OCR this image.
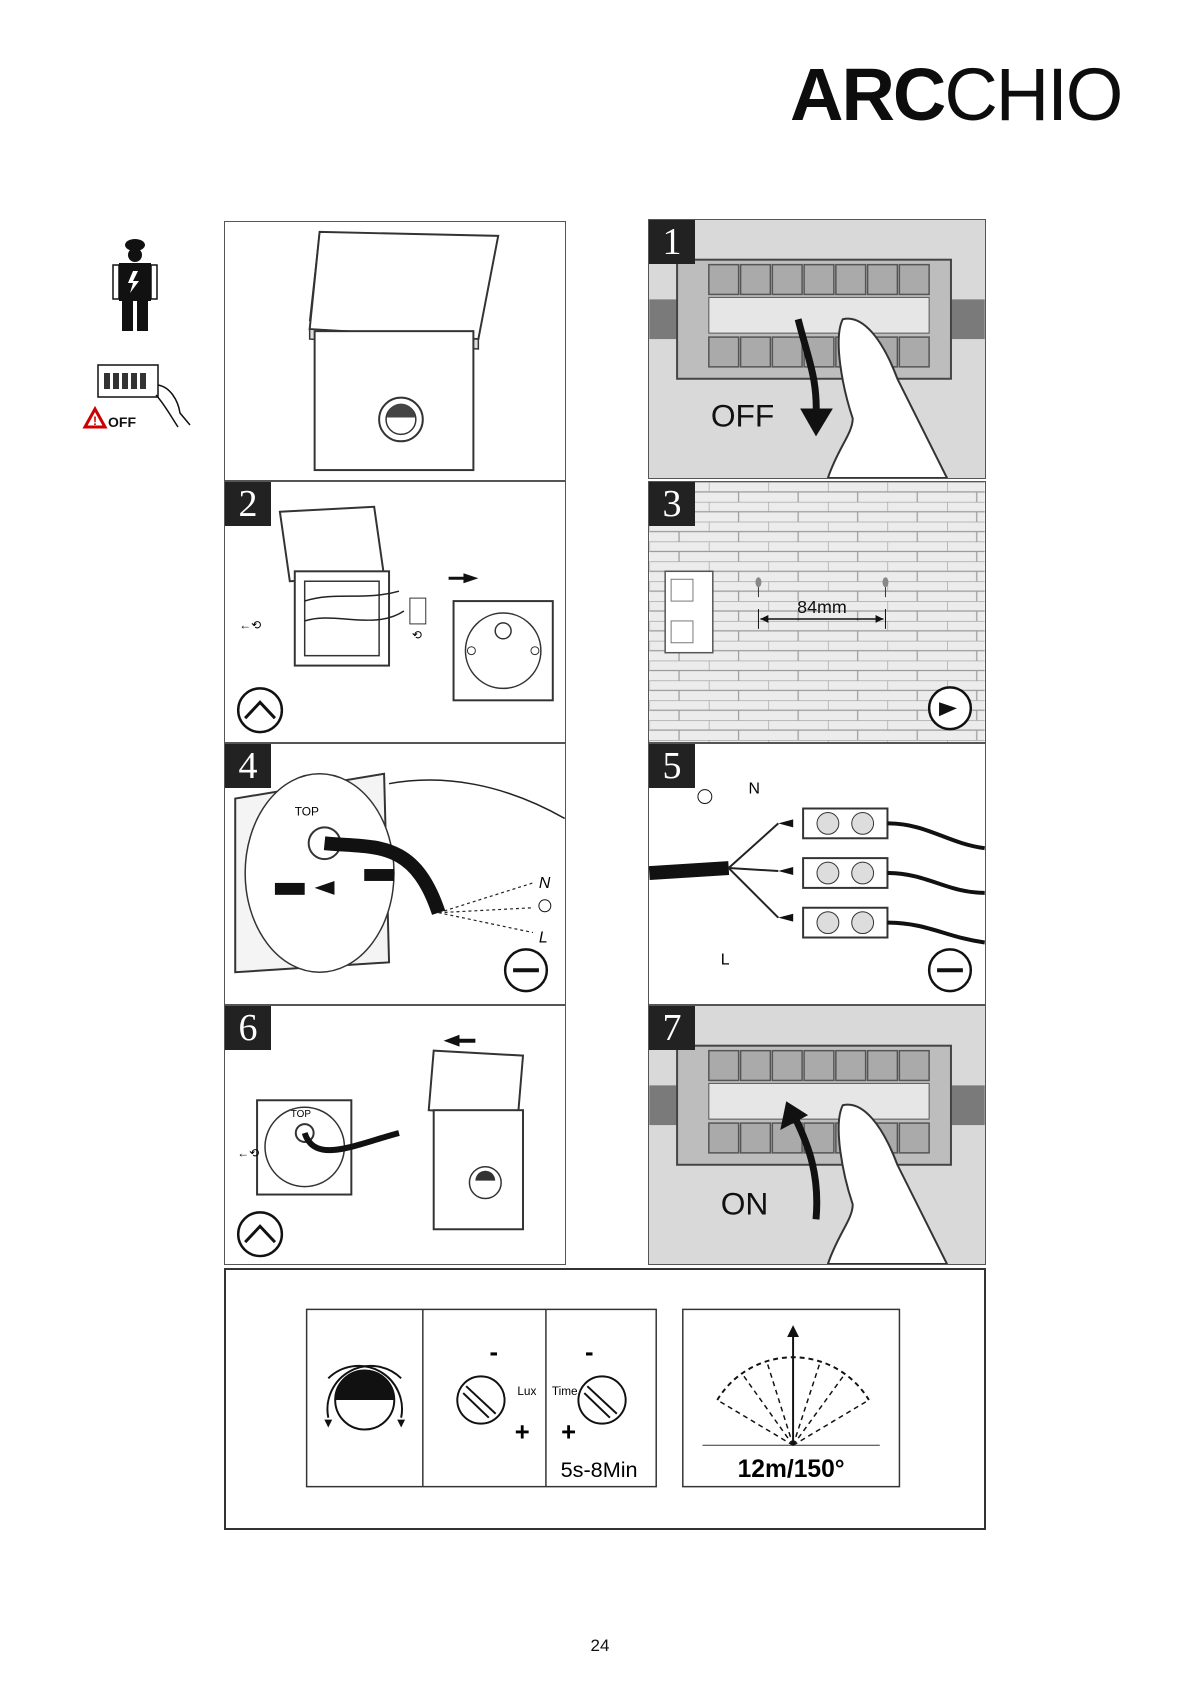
ARCCHIO
! OFF
1
OFF
2
←⟲
⟲
3
84mm
4
TOP
N
L
5
N
L
6
TOP
←⟲
7
ON
-
Lux
+
-
Time
+
5s-8Min	12m/150°
24
